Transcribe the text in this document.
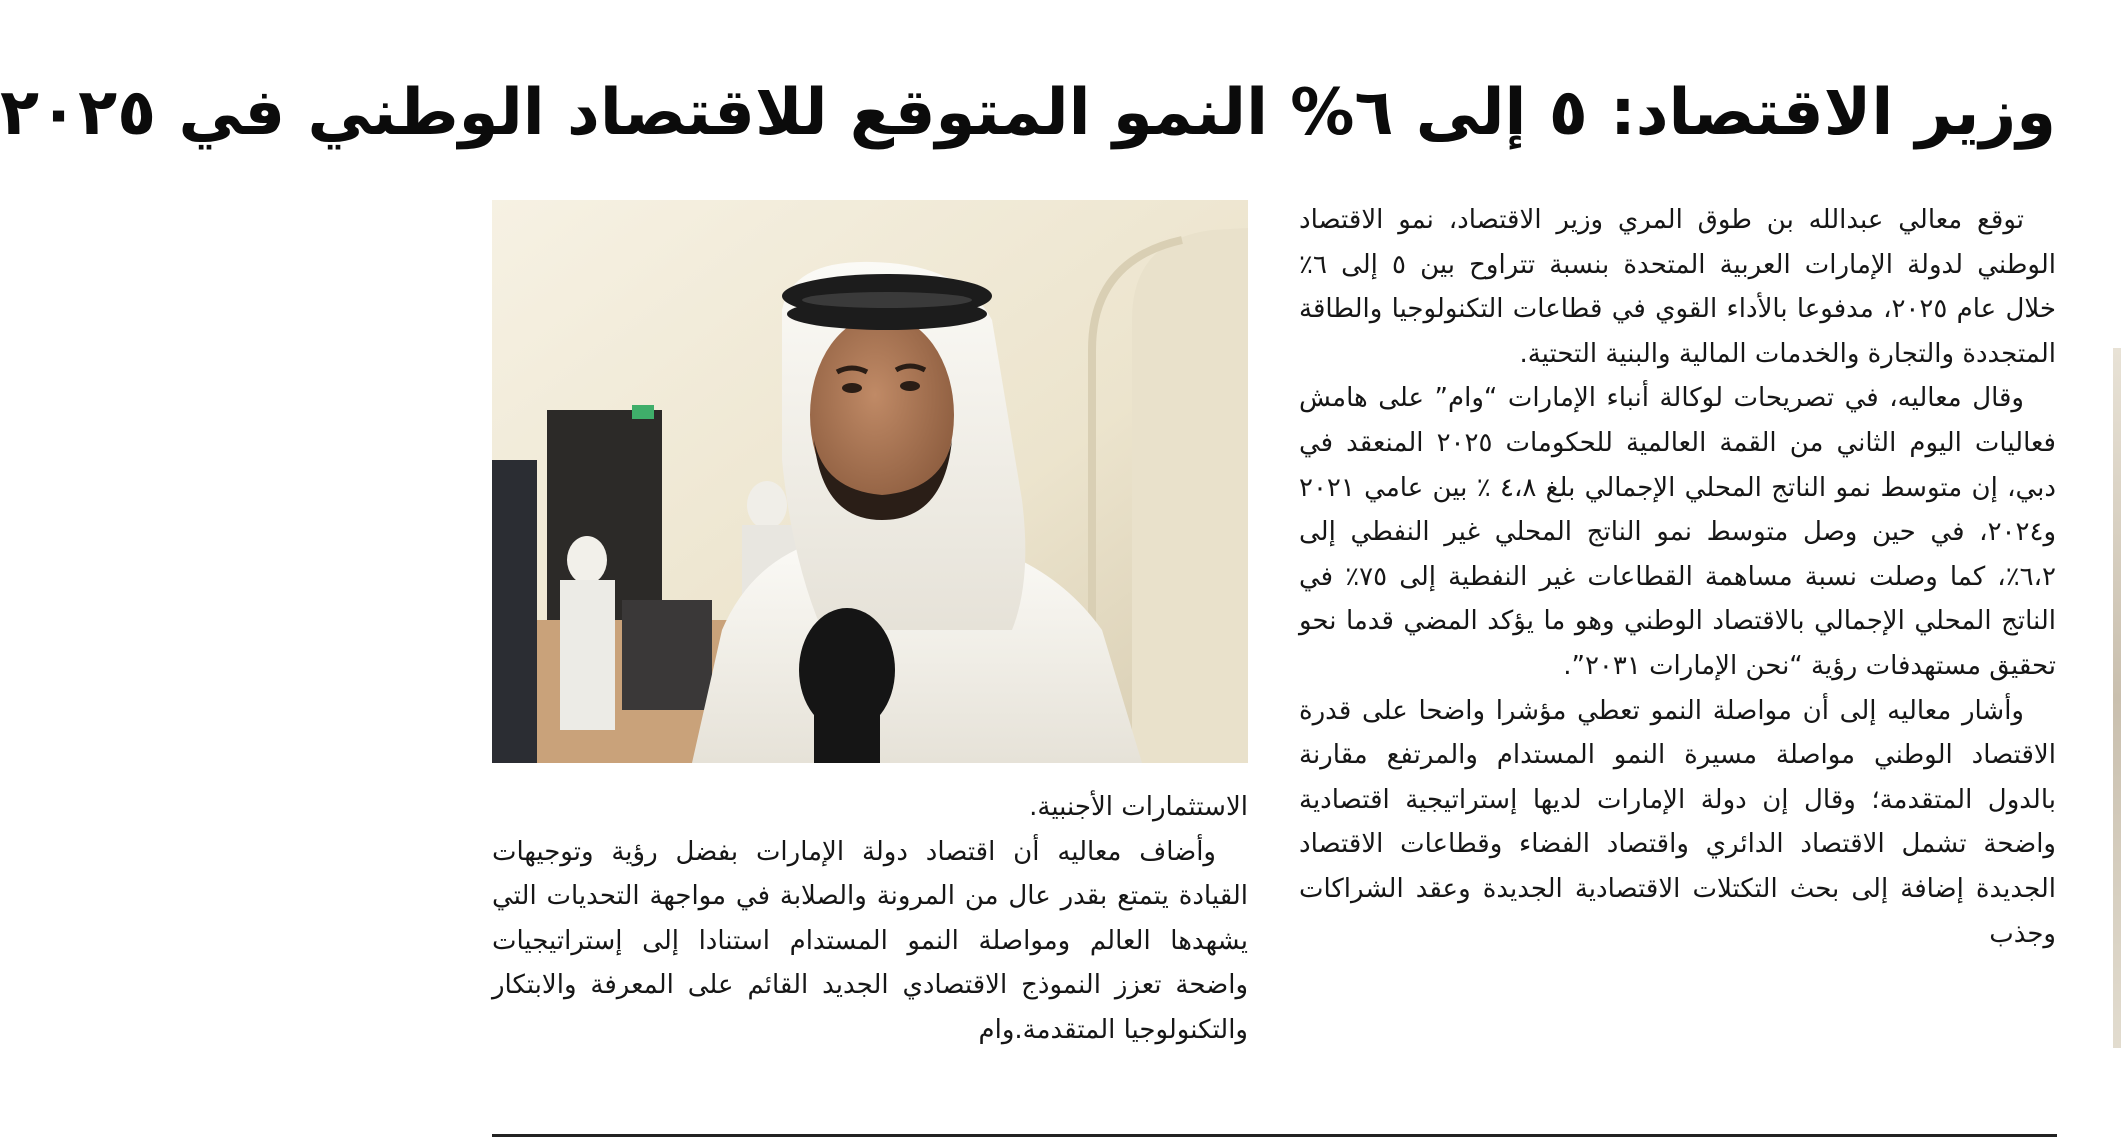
وزير الاقتصاد: ٥ إلى ٦% النمو المتوقع للاقتصاد الوطني في ٢٠٢٥

توقع معالي عبدالله بن طوق المري وزير الاقتصاد، نمو الاقتصاد الوطني لدولة الإمارات العربية المتحدة بنسبة تتراوح بين ٥ إلى ٦٪ خلال عام ٢٠٢٥، مدفوعا بالأداء القوي في قطاعات التكنولوجيا والطاقة المتجددة والتجارة والخدمات المالية والبنية التحتية.

وقال معاليه، في تصريحات لوكالة أنباء الإمارات “وام” على هامش فعاليات اليوم الثاني من القمة العالمية للحكومات ٢٠٢٥ المنعقد في دبي، إن متوسط نمو الناتج المحلي الإجمالي بلغ ٤،٨ ٪ بين عامي ٢٠٢١ و٢٠٢٤، في حين وصل متوسط نمو الناتج المحلي غير النفطي إلى ٦،٢٪، كما وصلت نسبة مساهمة القطاعات غير النفطية إلى ٧٥٪ في الناتج المحلي الإجمالي بالاقتصاد الوطني وهو ما يؤكد المضي قدما نحو تحقيق مستهدفات رؤية “نحن الإمارات ٢٠٣١”.

وأشار معاليه إلى أن مواصلة النمو تعطي مؤشرا واضحا على قدرة الاقتصاد الوطني مواصلة مسيرة النمو المستدام والمرتفع مقارنة بالدول المتقدمة؛ وقال إن دولة الإمارات لديها إستراتيجية اقتصادية واضحة تشمل الاقتصاد الدائري واقتصاد الفضاء وقطاعات الاقتصاد الجديدة إضافة إلى بحث التكتلات الاقتصادية الجديدة وعقد الشراكات وجذب

الاستثمارات الأجنبية.

وأضاف معاليه أن اقتصاد دولة الإمارات بفضل رؤية وتوجيهات القيادة يتمتع بقدر عال من المرونة والصلابة في مواجهة التحديات التي يشهدها العالم ومواصلة النمو المستدام استنادا إلى إستراتيجيات واضحة تعزز النموذج الاقتصادي الجديد القائم على المعرفة والابتكار والتكنولوجيا المتقدمة.وام
